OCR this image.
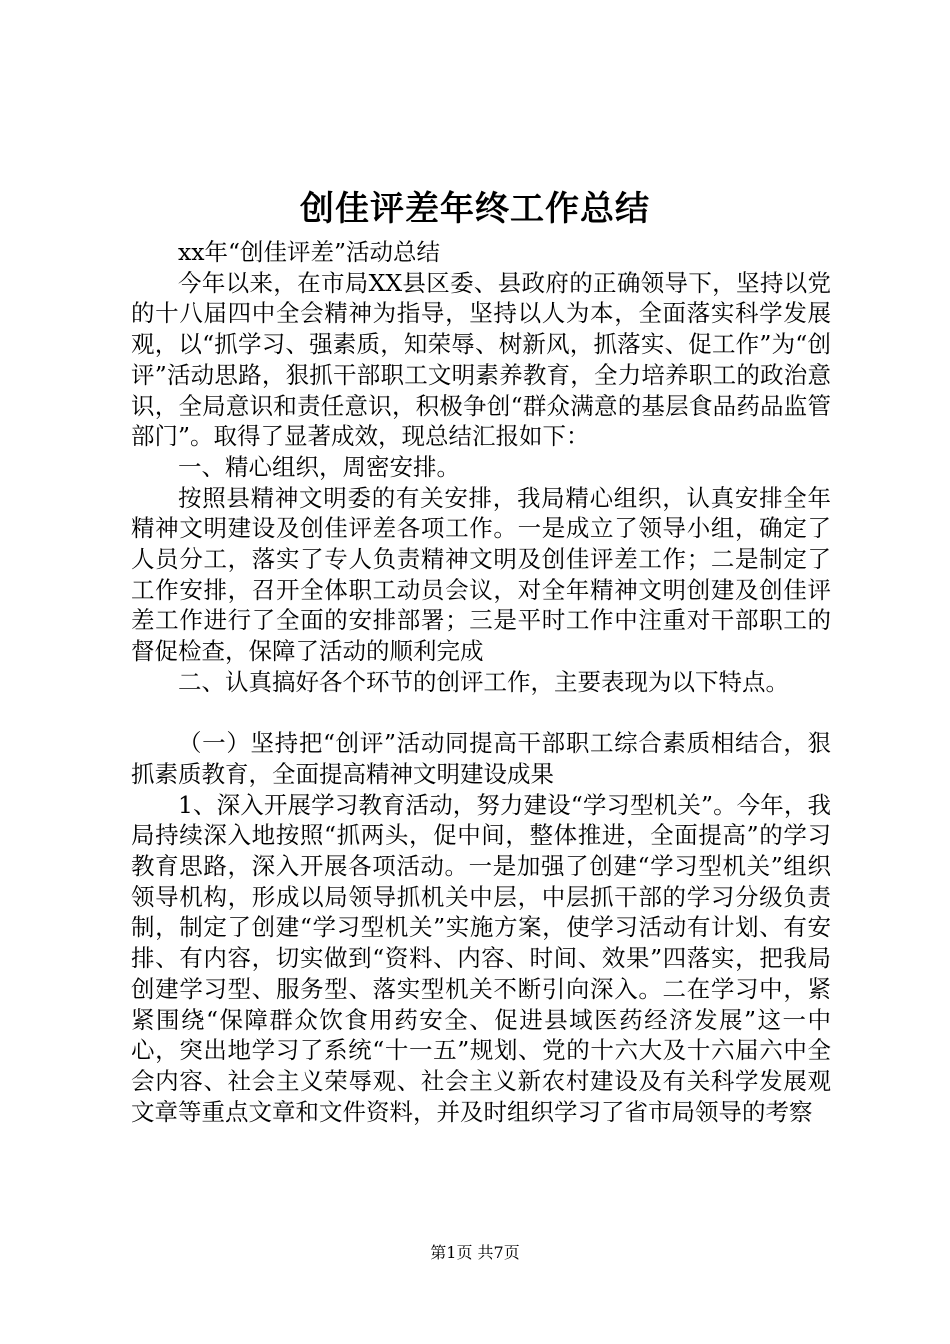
创佳评差年终工作总结

xx年“创佳评差”活动总结

今年以来，在市局XX县区委、县政府的正确领导下，坚持以党的十八届四中全会精神为指导，坚持以人为本，全面落实科学发展观，以“抓学习、强素质，知荣辱、树新风，抓落实、促工作”为“创评”活动思路，狠抓干部职工文明素养教育，全力培养职工的政治意识，全局意识和责任意识，积极争创“群众满意的基层食品药品监管部门”。取得了显著成效，现总结汇报如下：

一、精心组织，周密安排。

按照县精神文明委的有关安排，我局精心组织，认真安排全年精神文明建设及创佳评差各项工作。一是成立了领导小组，确定了人员分工，落实了专人负责精神文明及创佳评差工作；二是制定了工作安排，召开全体职工动员会议，对全年精神文明创建及创佳评差工作进行了全面的安排部署；三是平时工作中注重对干部职工的督促检查，保障了活动的顺利完成

二、认真搞好各个环节的创评工作，主要表现为以下特点。

（一）坚持把“创评”活动同提高干部职工综合素质相结合，狠抓素质教育，全面提高精神文明建设成果

1、深入开展学习教育活动，努力建设“学习型机关”。今年，我局持续深入地按照“抓两头，促中间，整体推进，全面提高”的学习教育思路，深入开展各项活动。一是加强了创建“学习型机关”组织领导机构，形成以局领导抓机关中层，中层抓干部的学习分级负责制，制定了创建“学习型机关”实施方案，使学习活动有计划、有安排、有内容，切实做到“资料、内容、时间、效果”四落实，把我局创建学习型、服务型、落实型机关不断引向深入。二在学习中，紧紧围绕“保障群众饮食用药安全、促进县域医药经济发展”这一中心，突出地学习了系统“十一五”规划、党的十六大及十六届六中全会内容、社会主义荣辱观、社会主义新农村建设及有关科学发展观文章等重点文章和文件资料，并及时组织学习了省市局领导的考察

第1页 共7页
